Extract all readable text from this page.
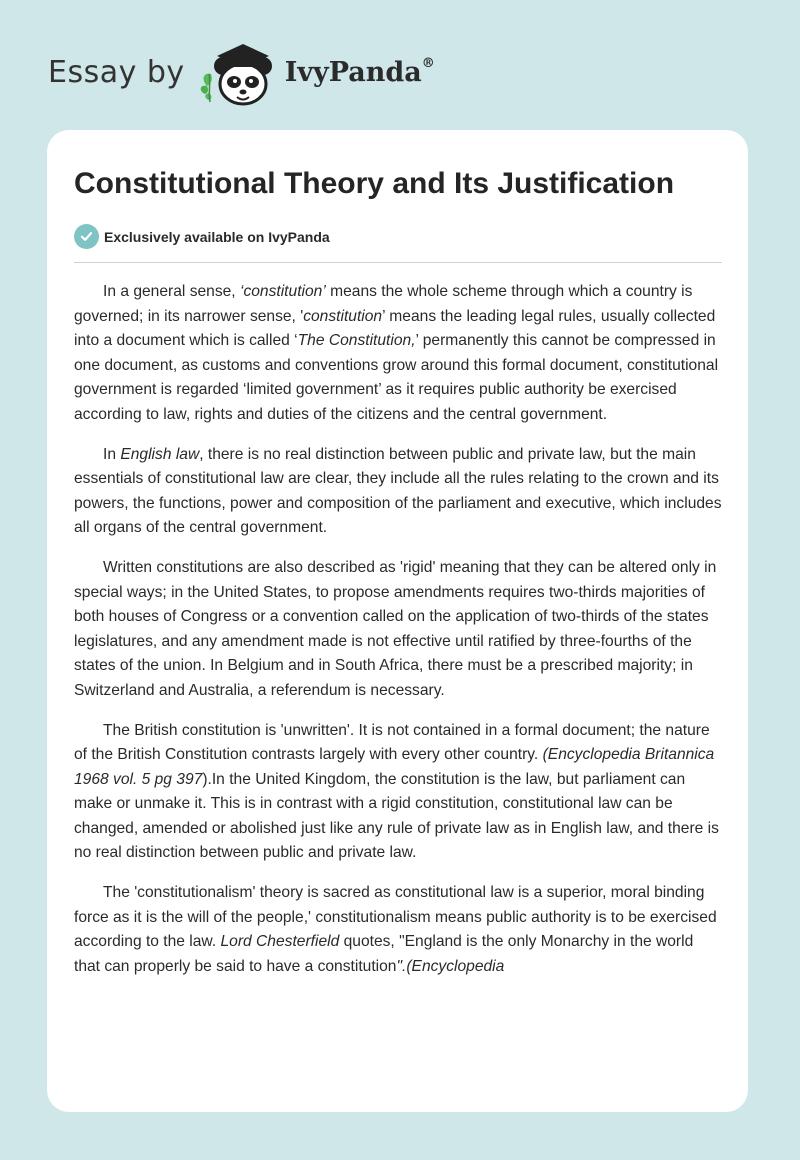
Essay by	IvyPanda®
Constitutional Theory and Its Justification
Exclusively available on IvyPanda

In a general sense, ‘constitution’ means the whole scheme through which a country is governed; in its narrower sense, 'constitution’ means the leading legal rules, usually collected into a document which is called ‘The Constitution,’ permanently this cannot be compressed in one document, as customs and conventions grow around this formal document, constitutional government is regarded ‘limited government’ as it requires public authority be exercised according to law, rights and duties of the citizens and the central government.

In English law, there is no real distinction between public and private law, but the main essentials of constitutional law are clear, they include all the rules relating to the crown and its powers, the functions, power and composition of the parliament and executive, which includes all organs of the central government.

Written constitutions are also described as 'rigid' meaning that they can be altered only in special ways; in the United States, to propose amendments requires two-thirds majorities of both houses of Congress or a convention called on the application of two-thirds of the states legislatures, and any amendment made is not effective until ratified by three-fourths of the states of the union. In Belgium and in South Africa, there must be a prescribed majority; in Switzerland and Australia, a referendum is necessary.

The British constitution is 'unwritten'. It is not contained in a formal document; the nature of the British Constitution contrasts largely with every other country. (Encyclopedia Britannica 1968 vol. 5 pg 397).In the United Kingdom, the constitution is the law, but parliament can make or unmake it. This is in contrast with a rigid constitution, constitutional law can be changed, amended or abolished just like any rule of private law as in English law, and there is no real distinction between public and private law.

The 'constitutionalism' theory is sacred as constitutional law is a superior, moral binding force as it is the will of the people,' constitutionalism means public authority is to be exercised according to the law. Lord Chesterfield quotes, "England is the only Monarchy in the world that can properly be said to have a constitution".(Encyclopedia
